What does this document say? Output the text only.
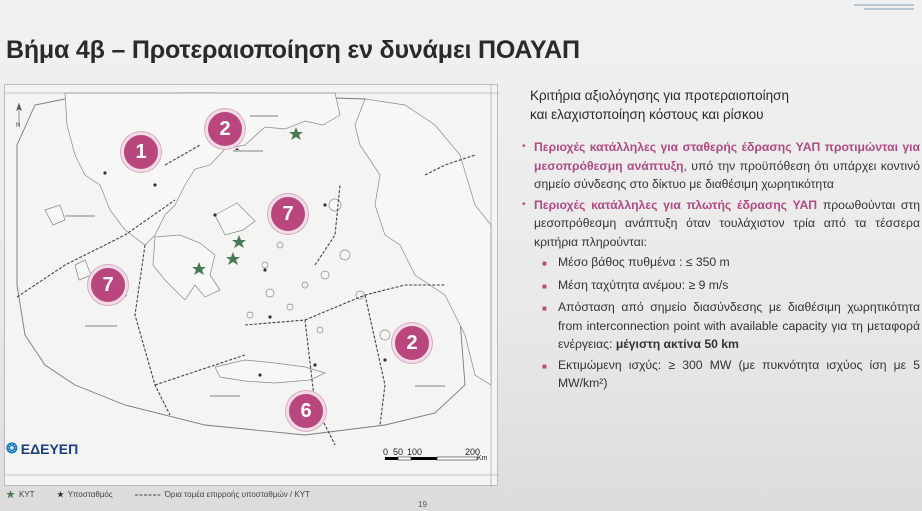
Βήμα 4β – Προτεραιοποίηση εν δυνάμει ΠΟΑΥΑΠ
N
1
2
7
7
2
6
0 50 100	200
Km
❂ ΕΔΕΥΕΠ
ΚΥΤ	Υποσταθμός	Όρια τομέα επιρροής υποσταθμών / ΚΥΤ
19
Κριτήρια αξιολόγησης για προτεραιοποίηση
και ελαχιστοποίηση κόστους και ρίσκου
• Περιοχές κατάλληλες για σταθερής έδρασης ΥΑΠ προτιμώνται για μεσοπρόθεσμη ανάπτυξη, υπό την προϋπόθεση ότι υπάρχει κοντινό σημείο σύνδεσης στο δίκτυο με διαθέσιμη χωρητικότητα
• Περιοχές κατάλληλες για πλωτής έδρασης ΥΑΠ προωθούνται στη μεσοπρόθεσμη ανάπτυξη όταν τουλάχιστον τρία από τα τέσσερα κριτήρια πληρούνται:
■ Μέσο βάθος πυθμένα : ≤ 350 m
■ Μέση ταχύτητα ανέμου: ≥ 9 m/s
■ Απόσταση από σημείο διασύνδεσης με διαθέσιμη χωρητικότητα from interconnection point with available capacity για τη μεταφορά ενέργειας: μέγιστη ακτίνα 50 km
■ Εκτιμώμενη ισχύς: ≥ 300 MW (με πυκνότητα ισχύος ίση με 5 MW/km²)
